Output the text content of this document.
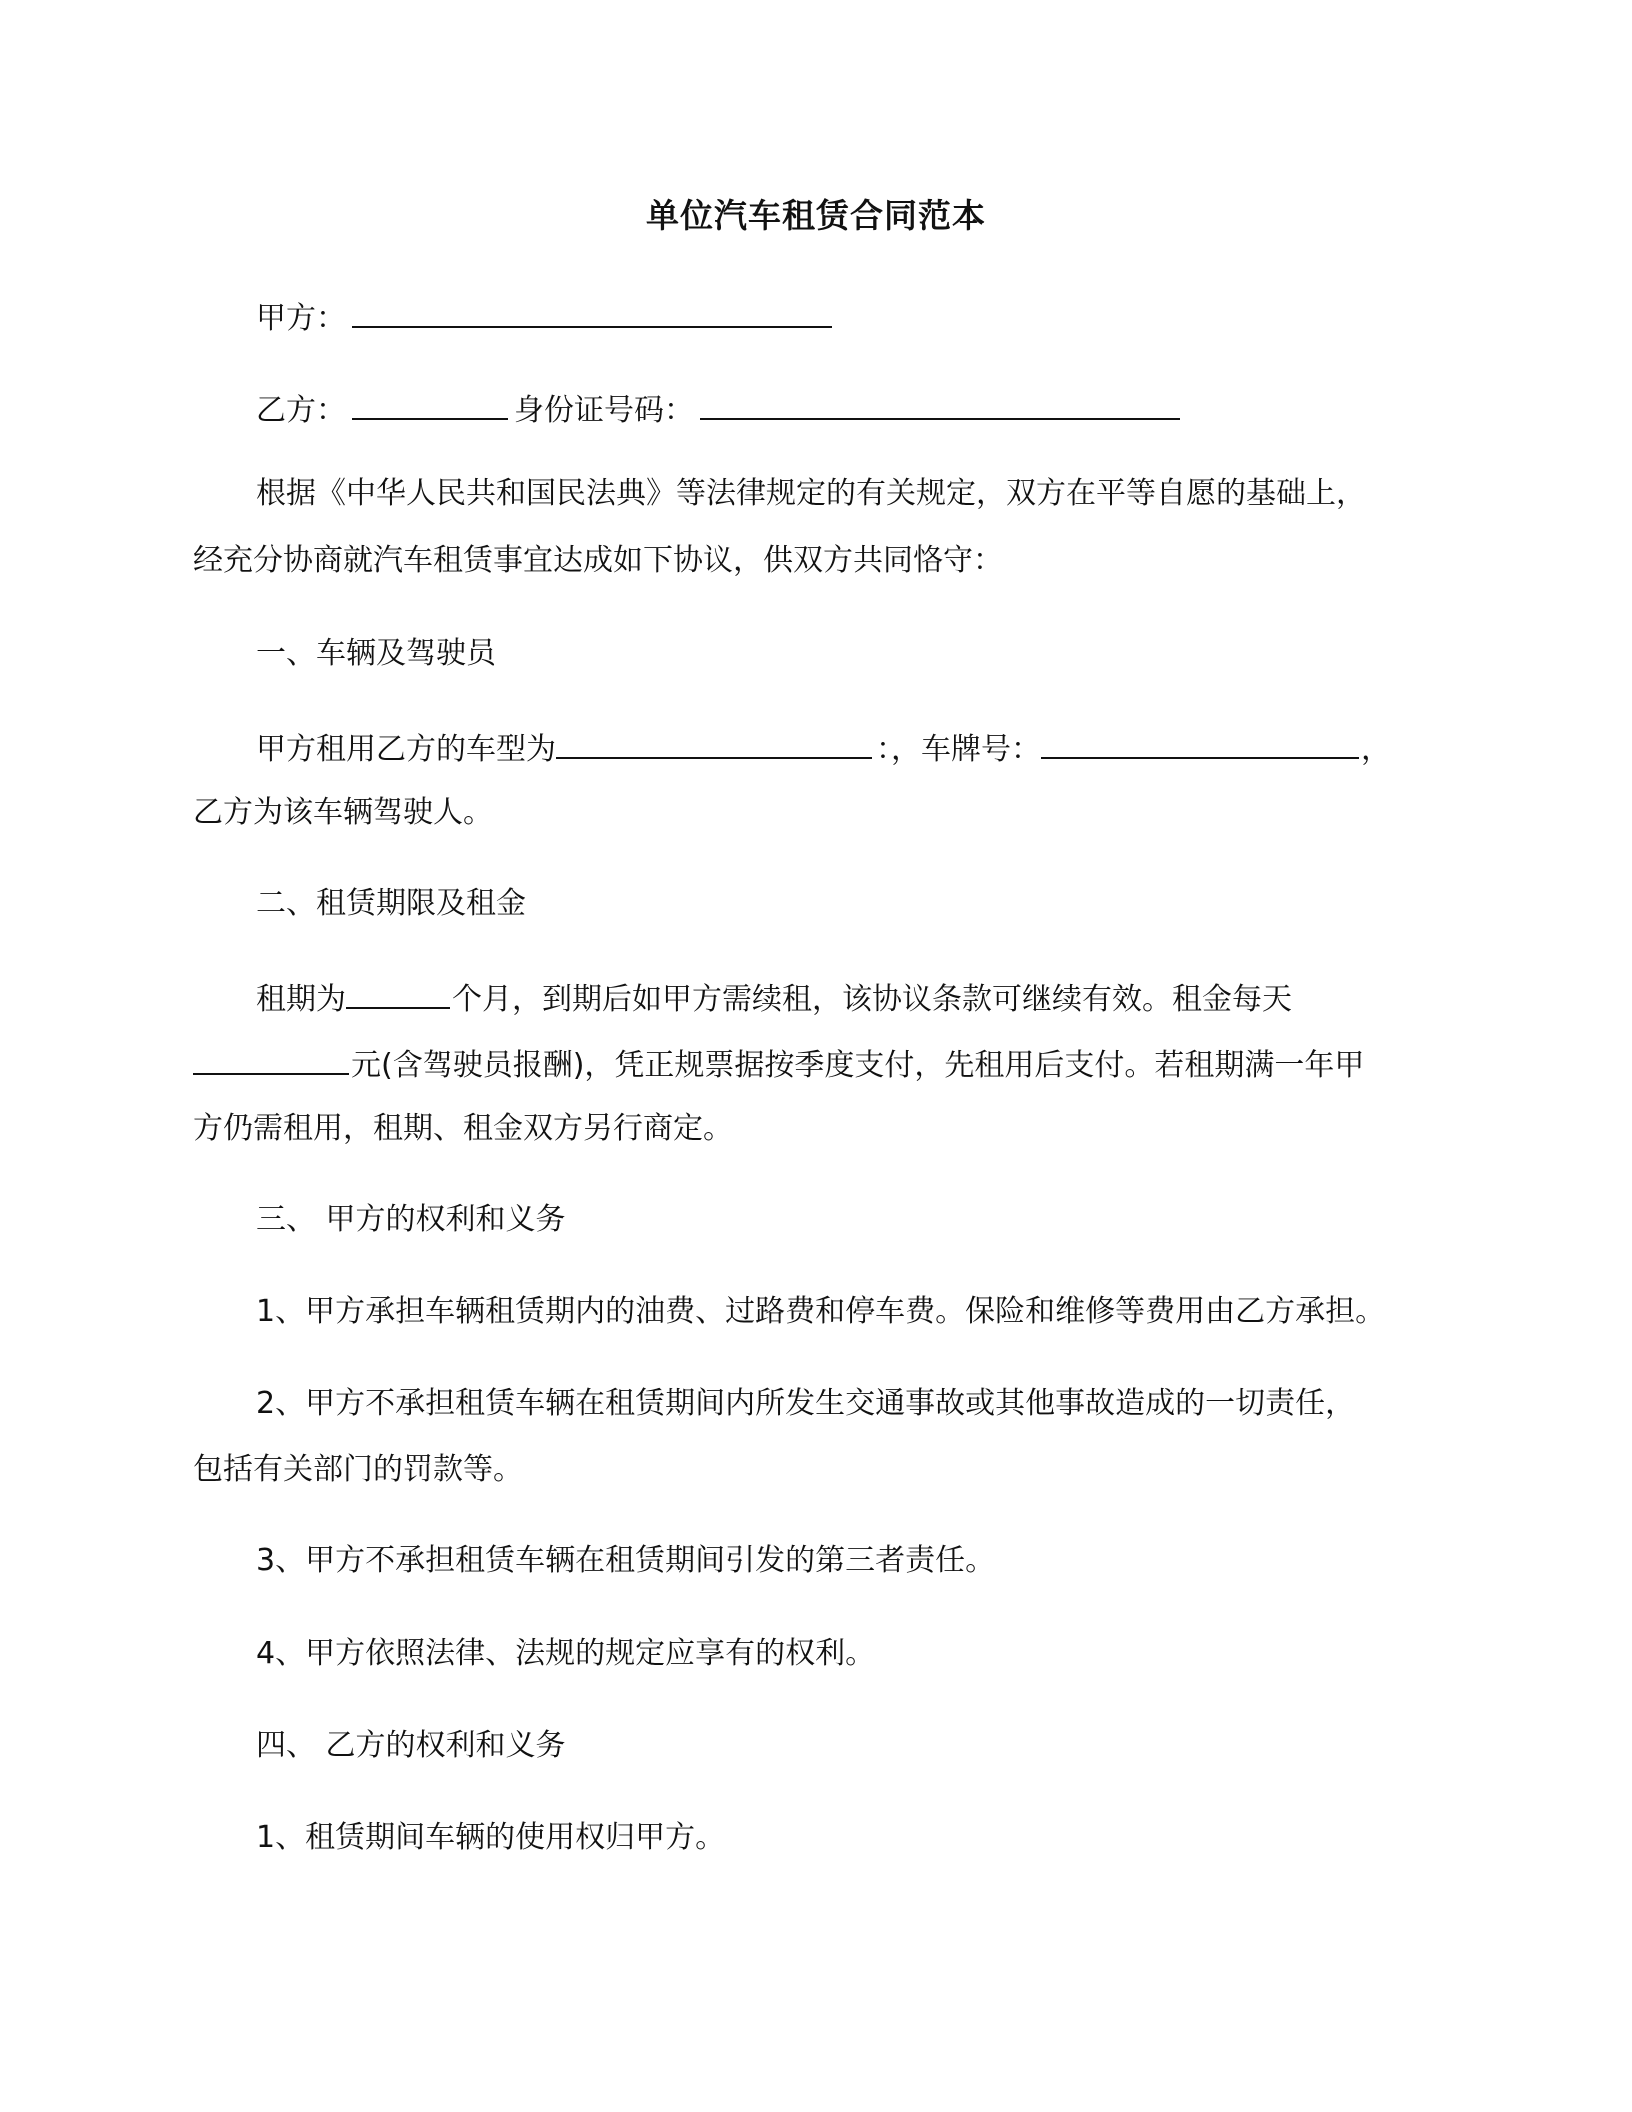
单位汽车租赁合同范本
甲方：
乙方：	身份证号码：
根据《中华人民共和国民法典》等法律规定的有关规定，双方在平等自愿的基础上，
经充分协商就汽车租赁事宜达成如下协议，供双方共同恪守：
一、车辆及驾驶员
甲方租用乙方的车型为	：，车牌号：	，
乙方为该车辆驾驶人。
二、租赁期限及租金
租期为	个月，到期后如甲方需续租，该协议条款可继续有效。租金每天
元(含驾驶员报酬)，凭正规票据按季度支付，先租用后支付。若租期满一年甲
方仍需租用，租期、租金双方另行商定。
三、 甲方的权利和义务
1、甲方承担车辆租赁期内的油费、过路费和停车费。保险和维修等费用由乙方承担。
2、甲方不承担租赁车辆在租赁期间内所发生交通事故或其他事故造成的一切责任，
包括有关部门的罚款等。
3、甲方不承担租赁车辆在租赁期间引发的第三者责任。
4、甲方依照法律、法规的规定应享有的权利。
四、 乙方的权利和义务
1、租赁期间车辆的使用权归甲方。
